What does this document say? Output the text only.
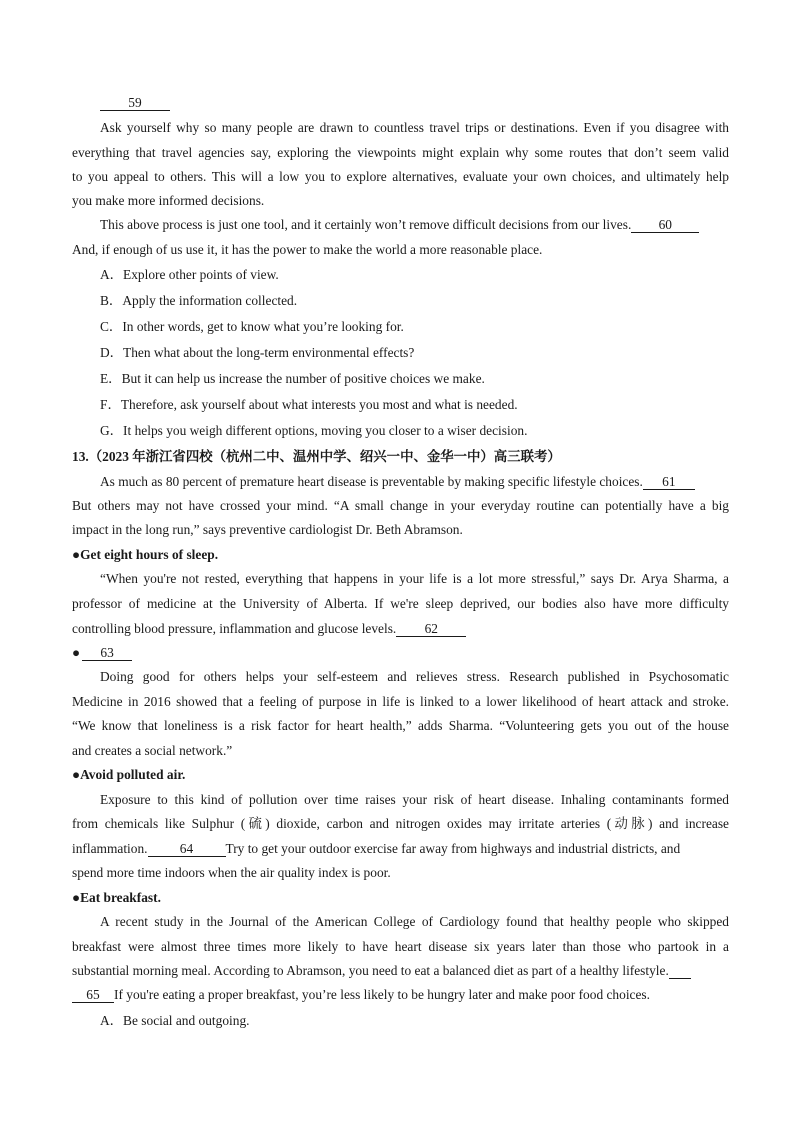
59
Ask yourself why so many people are drawn to countless travel trips or destinations. Even if you disagree with
everything that travel agencies say, exploring the viewpoints might explain why some routes that don’t seem valid
to you appeal to others. This will a low you to explore alternatives, evaluate your own choices, and ultimately help
you make more informed decisions.
This above process is just one tool, and it certainly won’t remove difficult decisions from our lives. 60
And, if enough of us use it, it has the power to make the world a more reasonable place.
A．Explore other points of view.
B．Apply the information collected.
C．In other words, get to know what you’re looking for.
D．Then what about the long-term environmental effects?
E．But it can help us increase the number of positive choices we make.
F．Therefore, ask yourself about what interests you most and what is needed.
G．It helps you weigh different options, moving you closer to a wiser decision.
13.（2023 年浙江省四校（杭州二中、温州中学、绍兴一中、金华一中）高三联考）
As much as 80 percent of premature heart disease is preventable by making specific lifestyle choices. 61
But others may not have crossed your mind. “A small change in your everyday routine can potentially have a big
impact in the long run,” says preventive cardiologist Dr. Beth Abramson.
●Get eight hours of sleep.
“When you're not rested, everything that happens in your life is a lot more stressful,” says Dr. Arya Sharma, a
professor of medicine at the University of Alberta. If we're sleep deprived, our bodies also have more difficulty
controlling blood pressure, inflammation and glucose levels. 62
● 63
Doing good for others helps your self-esteem and relieves stress. Research published in Psychosomatic
Medicine in 2016 showed that a feeling of purpose in life is linked to a lower likelihood of heart attack and stroke.
“We know that loneliness is a risk factor for heart health,” adds Sharma. “Volunteering gets you out of the house
and creates a social network.”
●Avoid polluted air.
Exposure to this kind of pollution over time raises your risk of heart disease. Inhaling contaminants formed
from chemicals like Sulphur (硫) dioxide, carbon and nitrogen oxides may irritate arteries (动脉) and increase
inflammation. 64 Try to get your outdoor exercise far away from highways and industrial districts, and
spend more time indoors when the air quality index is poor.
●Eat breakfast.
A recent study in the Journal of the American College of Cardiology found that healthy people who skipped
breakfast were almost three times more likely to have heart disease six years later than those who partook in a
substantial morning meal. According to Abramson, you need to eat a balanced diet as part of a healthy lifestyle.
65 If you're eating a proper breakfast, you’re less likely to be hungry later and make poor food choices.
A．Be social and outgoing.
